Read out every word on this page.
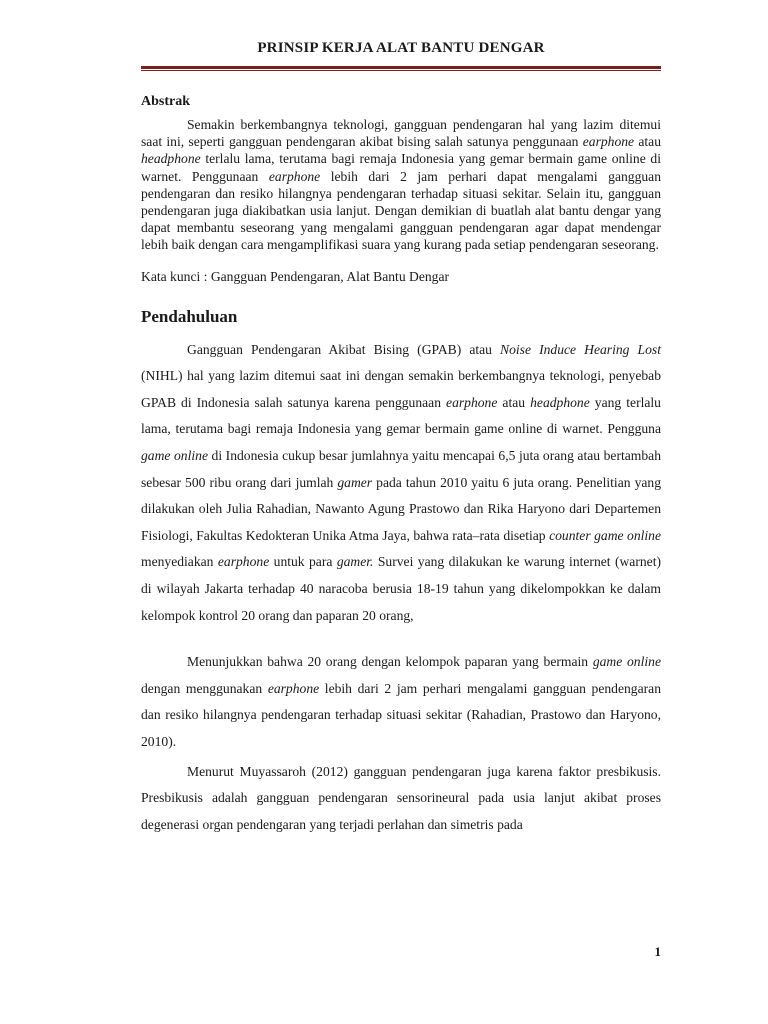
PRINSIP KERJA ALAT BANTU DENGAR
Abstrak

Semakin berkembangnya teknologi, gangguan pendengaran hal yang lazim ditemui saat ini, seperti gangguan pendengaran akibat bising salah satunya penggunaan earphone atau headphone terlalu lama, terutama bagi remaja Indonesia yang gemar bermain game online di warnet. Penggunaan earphone lebih dari 2 jam perhari dapat mengalami gangguan pendengaran dan resiko hilangnya pendengaran terhadap situasi sekitar. Selain itu, gangguan pendengaran juga diakibatkan usia lanjut. Dengan demikian di buatlah alat bantu dengar yang dapat membantu seseorang yang mengalami gangguan pendengaran agar dapat mendengar lebih baik dengan cara mengamplifikasi suara yang kurang pada setiap pendengaran seseorang.

Kata kunci : Gangguan Pendengaran, Alat Bantu Dengar

Pendahuluan

Gangguan Pendengaran Akibat Bising (GPAB) atau Noise Induce Hearing Lost (NIHL) hal yang lazim ditemui saat ini dengan semakin berkembangnya teknologi, penyebab GPAB di Indonesia salah satunya karena penggunaan earphone atau headphone yang terlalu lama, terutama bagi remaja Indonesia yang gemar bermain game online di warnet. Pengguna game online di Indonesia cukup besar jumlahnya yaitu mencapai 6,5 juta orang atau bertambah sebesar 500 ribu orang dari jumlah gamer pada tahun 2010 yaitu 6 juta orang. Penelitian yang dilakukan oleh Julia Rahadian, Nawanto Agung Prastowo dan Rika Haryono dari Departemen Fisiologi, Fakultas Kedokteran Unika Atma Jaya, bahwa rata–rata disetiap counter game online menyediakan earphone untuk para gamer. Survei yang dilakukan ke warung internet (warnet) di wilayah Jakarta terhadap 40 naracoba berusia 18-19 tahun yang dikelompokkan ke dalam kelompok kontrol 20 orang dan paparan 20 orang,

Menunjukkan bahwa 20 orang dengan kelompok paparan yang bermain game online dengan menggunakan earphone lebih dari 2 jam perhari mengalami gangguan pendengaran dan resiko hilangnya pendengaran terhadap situasi sekitar (Rahadian, Prastowo dan Haryono, 2010).

Menurut Muyassaroh (2012) gangguan pendengaran juga karena faktor presbikusis. Presbikusis adalah gangguan pendengaran sensorineural pada usia lanjut akibat proses degenerasi organ pendengaran yang terjadi perlahan dan simetris pada

1
